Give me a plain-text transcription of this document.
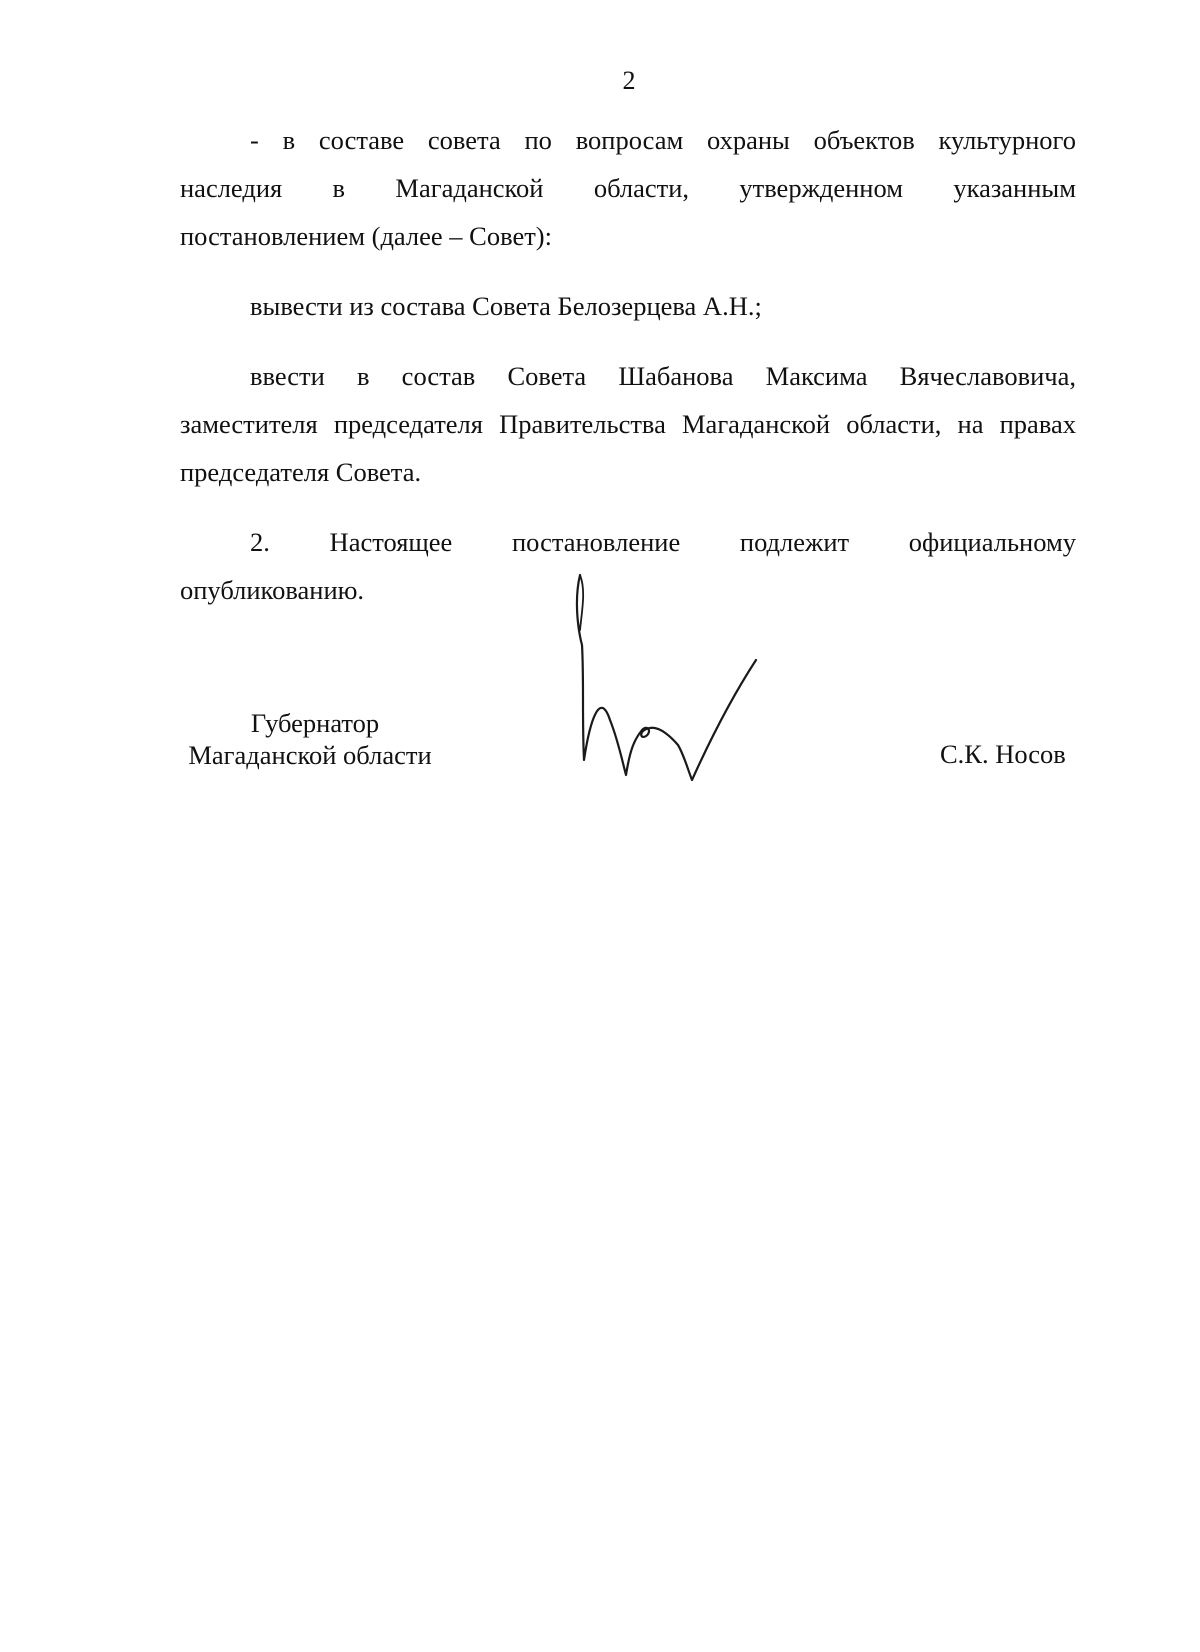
2

- в составе совета по вопросам охраны объектов культурного
наследия в Магаданской области, утвержденном указанным
постановлением (далее – Совет):

вывести из состава Совета Белозерцева А.Н.;

ввести в состав Совета Шабанова Максима Вячеславовича,
заместителя председателя Правительства Магаданской области, на правах
председателя Совета.

2. Настоящее постановление подлежит официальному
опубликованию.

Губернатор
Магаданской области	С.К. Носов
